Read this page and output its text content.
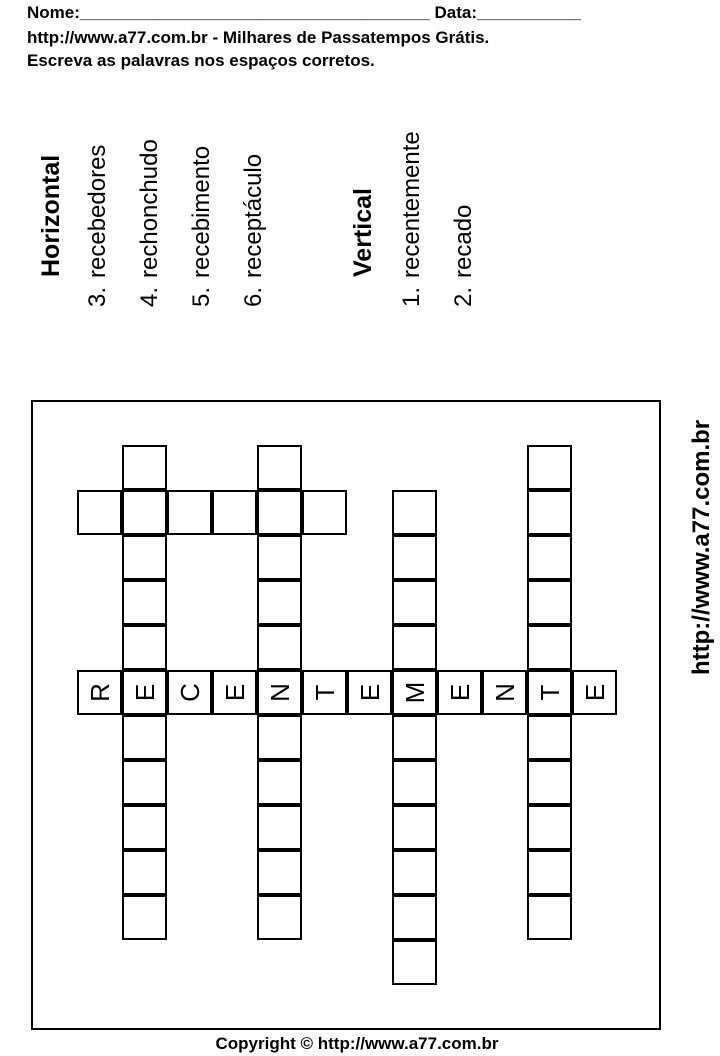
Nome:_____________________________________ Data:___________
http://www.a77.com.br - Milhares de Passatempos Grátis.
Escreva as palavras nos espaços corretos.
Horizontal
3.recebedores
4.rechonchudo
5.recebimento
6.receptáculo	Vertical
1.recentemente
2.recado
R E C E N T E M E N T E
http://www.a77.com.br
Copyright © http://www.a77.com.br
